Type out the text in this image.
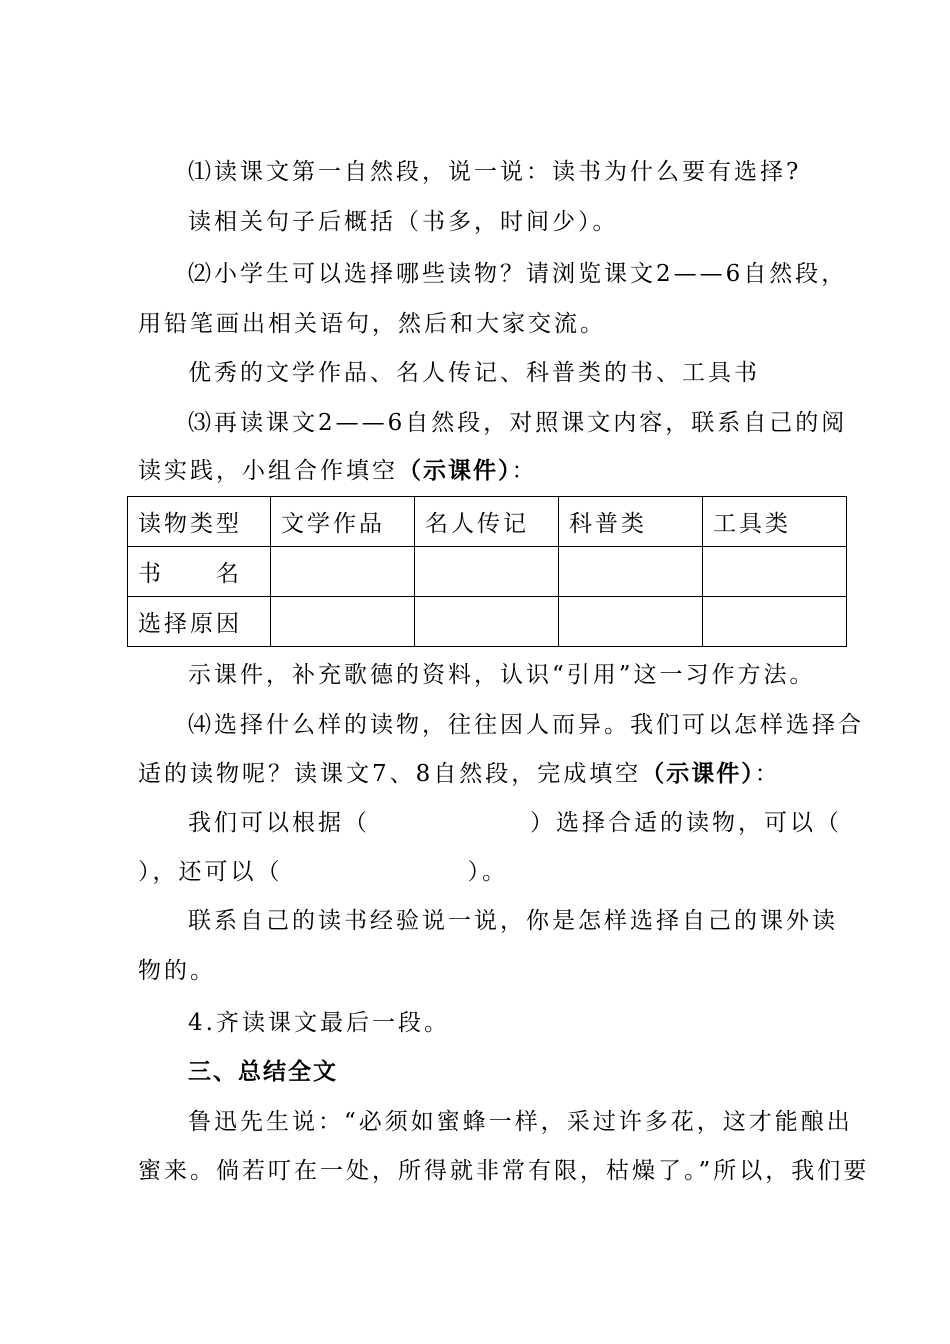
⑴读课文第一自然段，说一说：读书为什么要有选择?
读相关句子后概括（书多，时间少）。
⑵小学生可以选择哪些读物？请浏览课文2——6自然段，
用铅笔画出相关语句，然后和大家交流。
优秀的文学作品、名人传记、科普类的书、工具书
⑶再读课文2——6自然段，对照课文内容，联系自己的阅
读实践，小组合作填空（示课件）：
读物类型	文学作品	名人传记	科普类	工具类
书　　名				
选择原因				
示课件，补充歌德的资料，认识“引用”这一习作方法。
⑷选择什么样的读物，往往因人而异。我们可以怎样选择合
适的读物呢？读课文7、8自然段，完成填空（示课件）：
我们可以根据（	）选择合适的读物，可以（
），还可以（	）。
联系自己的读书经验说一说，你是怎样选择自己的课外读
物的。
4.齐读课文最后一段。
三、总结全文
鲁迅先生说：“必须如蜜蜂一样，采过许多花，这才能酿出
蜜来。倘若叮在一处，所得就非常有限，枯燥了。”所以，我们要
